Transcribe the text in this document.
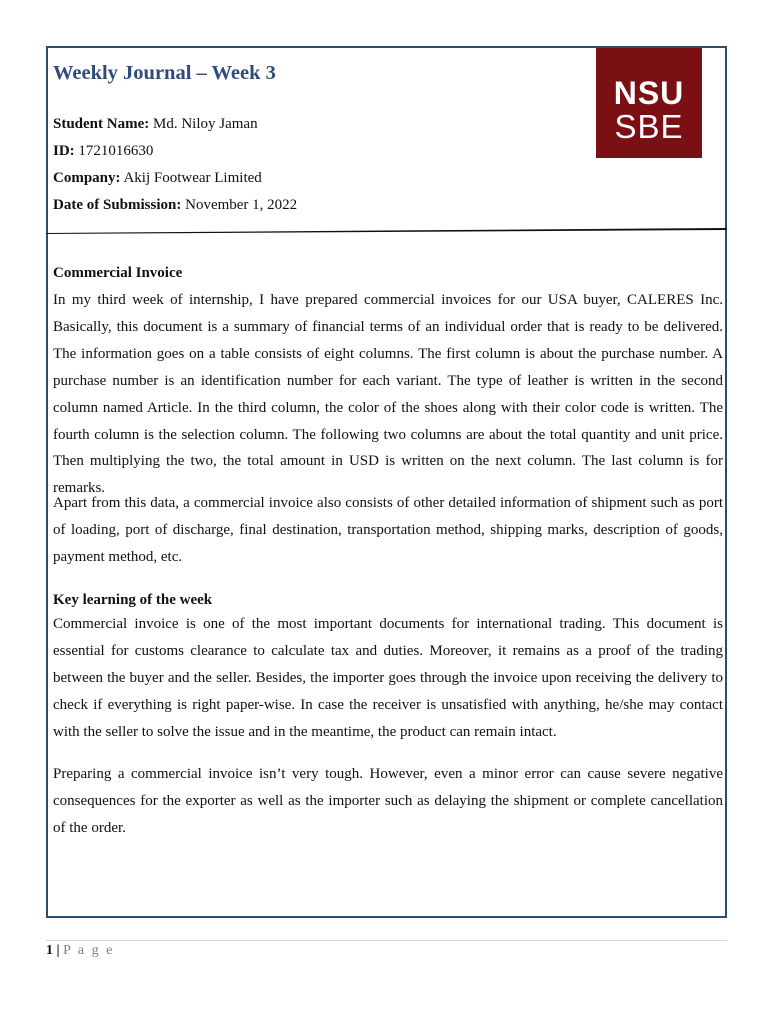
Weekly Journal – Week 3
Student Name: Md. Niloy Jaman
ID: 1721016630
Company: Akij Footwear Limited
Date of Submission: November 1, 2022
NSU
SBE
Commercial Invoice

In my third week of internship, I have prepared commercial invoices for our USA buyer, CALERES Inc. Basically, this document is a summary of financial terms of an individual order that is ready to be delivered. The information goes on a table consists of eight columns. The first column is about the purchase number. A purchase number is an identification number for each variant. The type of leather is written in the second column named Article. In the third column, the color of the shoes along with their color code is written. The fourth column is the selection column. The following two columns are about the total quantity and unit price. Then multiplying the two, the total amount in USD is written on the next column. The last column is for remarks.

Apart from this data, a commercial invoice also consists of other detailed information of shipment such as port of loading, port of discharge, final destination, transportation method, shipping marks, description of goods, payment method, etc.

Key learning of the week

Commercial invoice is one of the most important documents for international trading. This document is essential for customs clearance to calculate tax and duties. Moreover, it remains as a proof of the trading between the buyer and the seller. Besides, the importer goes through the invoice upon receiving the delivery to check if everything is right paper-wise. In case the receiver is unsatisfied with anything, he/she may contact with the seller to solve the issue and in the meantime, the product can remain intact.

Preparing a commercial invoice isn’t very tough. However, even a minor error can cause severe negative consequences for the exporter as well as the importer such as delaying the shipment or complete cancellation of the order.

1 | P a g e
